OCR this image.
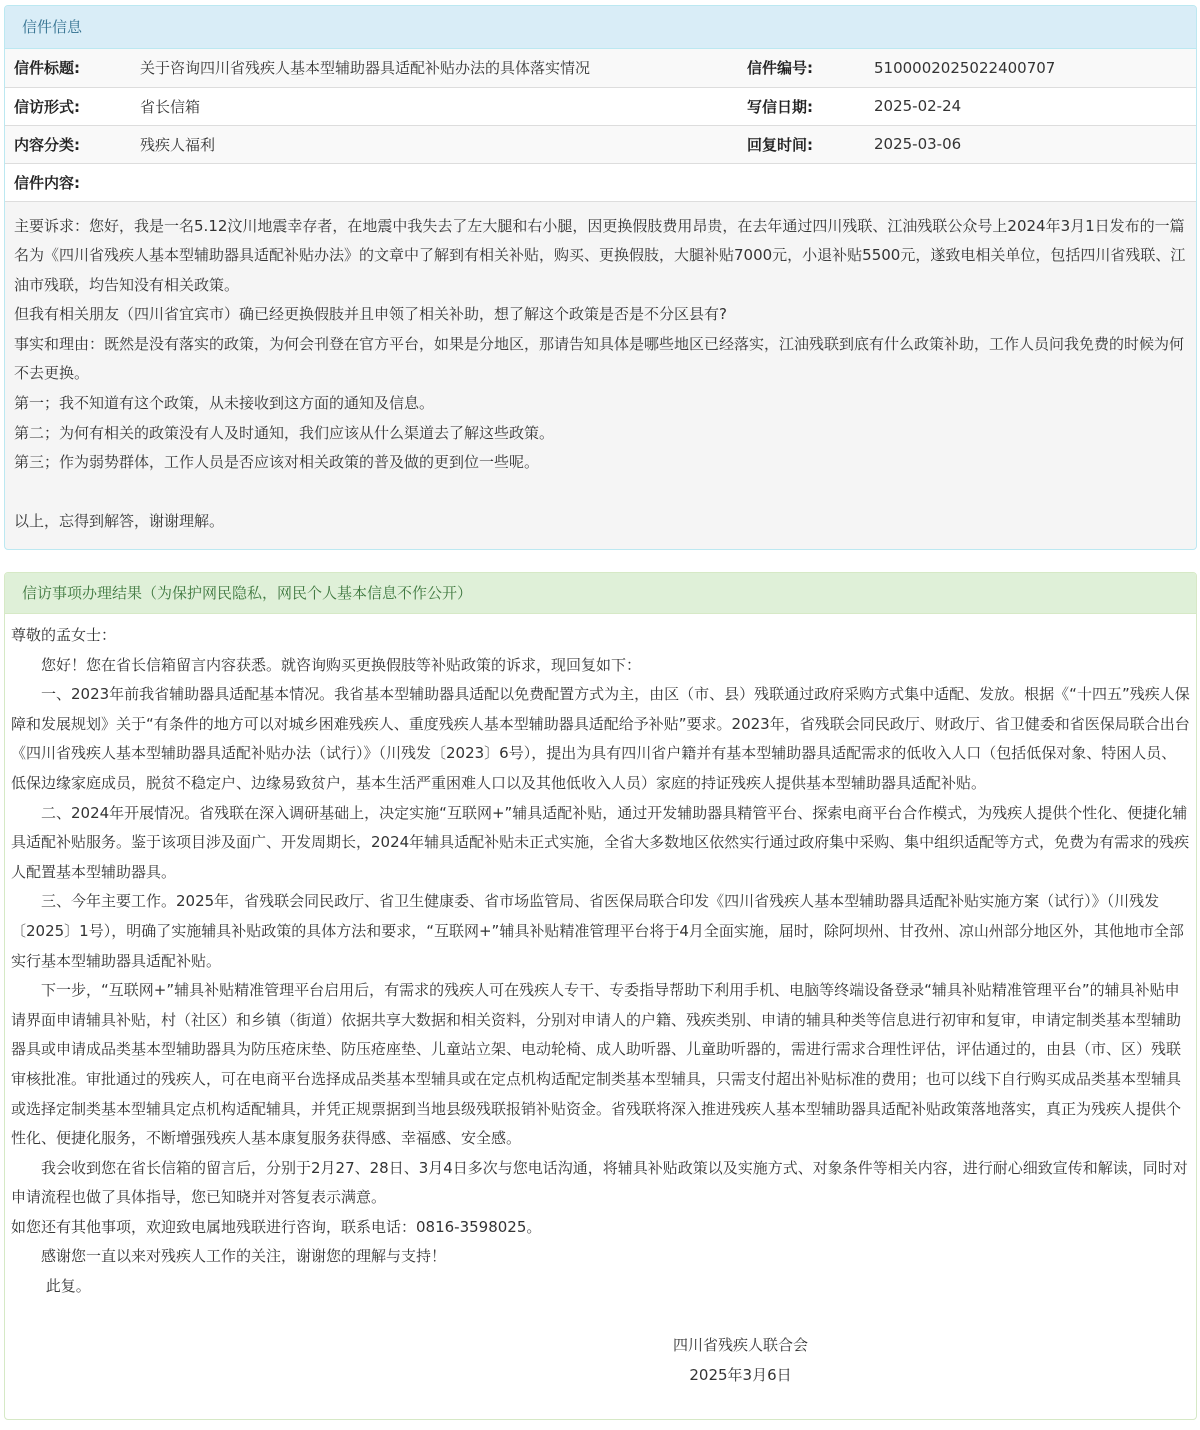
信件信息
信件标题:	关于咨询四川省残疾人基本型辅助器具适配补贴办法的具体落实情况	信件编号:	5100002025022400707
信访形式:	省长信箱	写信日期:	2025-02-24
内容分类:	残疾人福利	回复时间:	2025-03-06
信件内容:			

主要诉求：您好，我是一名5.12汶川地震幸存者，在地震中我失去了左大腿和右小腿，因更换假肢费用昂贵，在去年通过四川残联、江油残联公众号上2024年3月1日发布的一篇名为《四川省残疾人基本型辅助器具适配补贴办法》的文章中了解到有相关补贴，购买、更换假肢，大腿补贴7000元，小退补贴5500元，遂致电相关单位，包括四川省残联、江油市残联，均告知没有相关政策。

但我有相关朋友（四川省宜宾市）确已经更换假肢并且申领了相关补助，想了解这个政策是否是不分区县有?

事实和理由：既然是没有落实的政策，为何会刊登在官方平台，如果是分地区，那请告知具体是哪些地区已经落实，江油残联到底有什么政策补助，工作人员问我免费的时候为何不去更换。

第一；我不知道有这个政策，从未接收到这方面的通知及信息。

第二；为何有相关的政策没有人及时通知，我们应该从什么渠道去了解这些政策。

第三；作为弱势群体，工作人员是否应该对相关政策的普及做的更到位一些呢。

以上，忘得到解答，谢谢理解。

信访事项办理结果（为保护网民隐私，网民个人基本信息不作公开）

尊敬的孟女士：

　　您好！您在省长信箱留言内容获悉。就咨询购买更换假肢等补贴政策的诉求，现回复如下：

　　一、2023年前我省辅助器具适配基本情况。我省基本型辅助器具适配以免费配置方式为主，由区（市、县）残联通过政府采购方式集中适配、发放。根据《“十四五”残疾人保障和发展规划》关于“有条件的地方可以对城乡困难残疾人、重度残疾人基本型辅助器具适配给予补贴”要求。2023年，省残联会同民政厅、财政厅、省卫健委和省医保局联合出台《四川省残疾人基本型辅助器具适配补贴办法（试行）》（川残发〔2023〕6号），提出为具有四川省户籍并有基本型辅助器具适配需求的低收入人口（包括低保对象、特困人员、低保边缘家庭成员，脱贫不稳定户、边缘易致贫户，基本生活严重困难人口以及其他低收入人员）家庭的持证残疾人提供基本型辅助器具适配补贴。

　　二、2024年开展情况。省残联在深入调研基础上，决定实施“互联网+”辅具适配补贴，通过开发辅助器具精管平台、探索电商平台合作模式，为残疾人提供个性化、便捷化辅具适配补贴服务。鉴于该项目涉及面广、开发周期长，2024年辅具适配补贴未正式实施，全省大多数地区依然实行通过政府集中采购、集中组织适配等方式，免费为有需求的残疾人配置基本型辅助器具。

　　三、今年主要工作。2025年，省残联会同民政厅、省卫生健康委、省市场监管局、省医保局联合印发《四川省残疾人基本型辅助器具适配补贴实施方案（试行）》（川残发〔2025〕1号），明确了实施辅具补贴政策的具体方法和要求，“互联网+”辅具补贴精准管理平台将于4月全面实施，届时，除阿坝州、甘孜州、凉山州部分地区外，其他地市全部实行基本型辅助器具适配补贴。

　　下一步，“互联网+”辅具补贴精准管理平台启用后，有需求的残疾人可在残疾人专干、专委指导帮助下利用手机、电脑等终端设备登录“辅具补贴精准管理平台”的辅具补贴申请界面申请辅具补贴，村（社区）和乡镇（街道）依据共享大数据和相关资料，分别对申请人的户籍、残疾类别、申请的辅具种类等信息进行初审和复审，申请定制类基本型辅助器具或申请成品类基本型辅助器具为防压疮床垫、防压疮座垫、儿童站立架、电动轮椅、成人助听器、儿童助听器的，需进行需求合理性评估，评估通过的，由县（市、区）残联审核批准。审批通过的残疾人，可在电商平台选择成品类基本型辅具或在定点机构适配定制类基本型辅具，只需支付超出补贴标准的费用；也可以线下自行购买成品类基本型辅具或选择定制类基本型辅具定点机构适配辅具，并凭正规票据到当地县级残联报销补贴资金。省残联将深入推进残疾人基本型辅助器具适配补贴政策落地落实，真正为残疾人提供个性化、便捷化服务，不断增强残疾人基本康复服务获得感、幸福感、安全感。

　　我会收到您在省长信箱的留言后，分别于2月27、28日、3月4日多次与您电话沟通，将辅具补贴政策以及实施方式、对象条件等相关内容，进行耐心细致宣传和解读，同时对申请流程也做了具体指导，您已知晓并对答复表示满意。

如您还有其他事项，欢迎致电属地残联进行咨询，联系电话：0816-3598025。

　　感谢您一直以来对残疾人工作的关注，谢谢您的理解与支持！

　　 此复。

四川省残疾人联合会

2025年3月6日
